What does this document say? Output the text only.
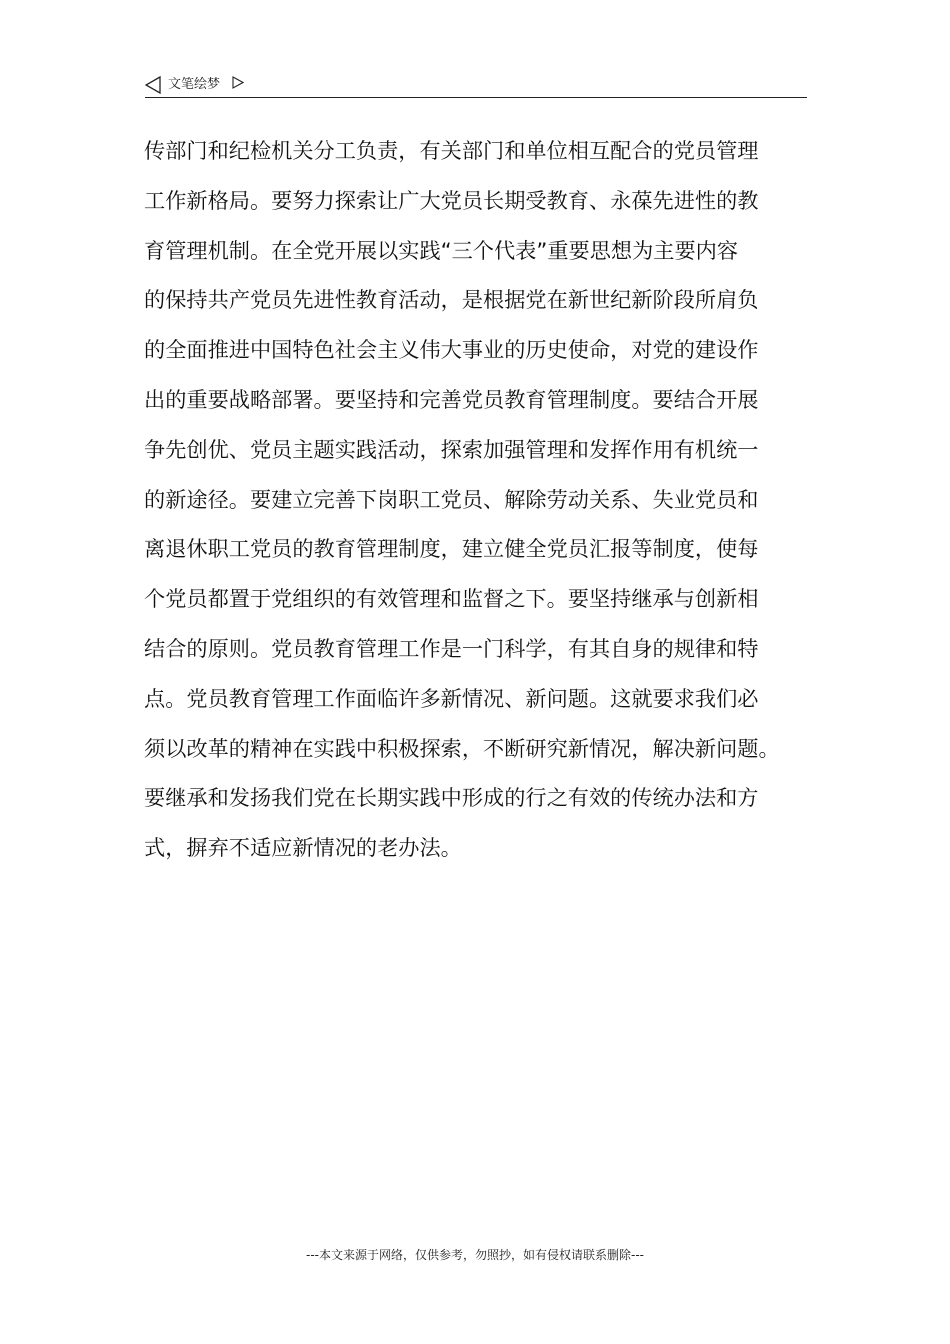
文笔绘梦
传部门和纪检机关分工负责，有关部门和单位相互配合的党员管理
工作新格局。要努力探索让广大党员长期受教育、永葆先进性的教
育管理机制。在全党开展以实践“三个代表”重要思想为主要内容
的保持共产党员先进性教育活动，是根据党在新世纪新阶段所肩负
的全面推进中国特色社会主义伟大事业的历史使命，对党的建设作
出的重要战略部署。要坚持和完善党员教育管理制度。要结合开展
争先创优、党员主题实践活动，探索加强管理和发挥作用有机统一
的新途径。要建立完善下岗职工党员、解除劳动关系、失业党员和
离退休职工党员的教育管理制度，建立健全党员汇报等制度，使每
个党员都置于党组织的有效管理和监督之下。要坚持继承与创新相
结合的原则。党员教育管理工作是一门科学，有其自身的规律和特
点。党员教育管理工作面临许多新情况、新问题。这就要求我们必
须以改革的精神在实践中积极探索，不断研究新情况，解决新问题。
要继承和发扬我们党在长期实践中形成的行之有效的传统办法和方
式，摒弃不适应新情况的老办法。
---本文来源于网络，仅供参考，勿照抄，如有侵权请联系删除---
